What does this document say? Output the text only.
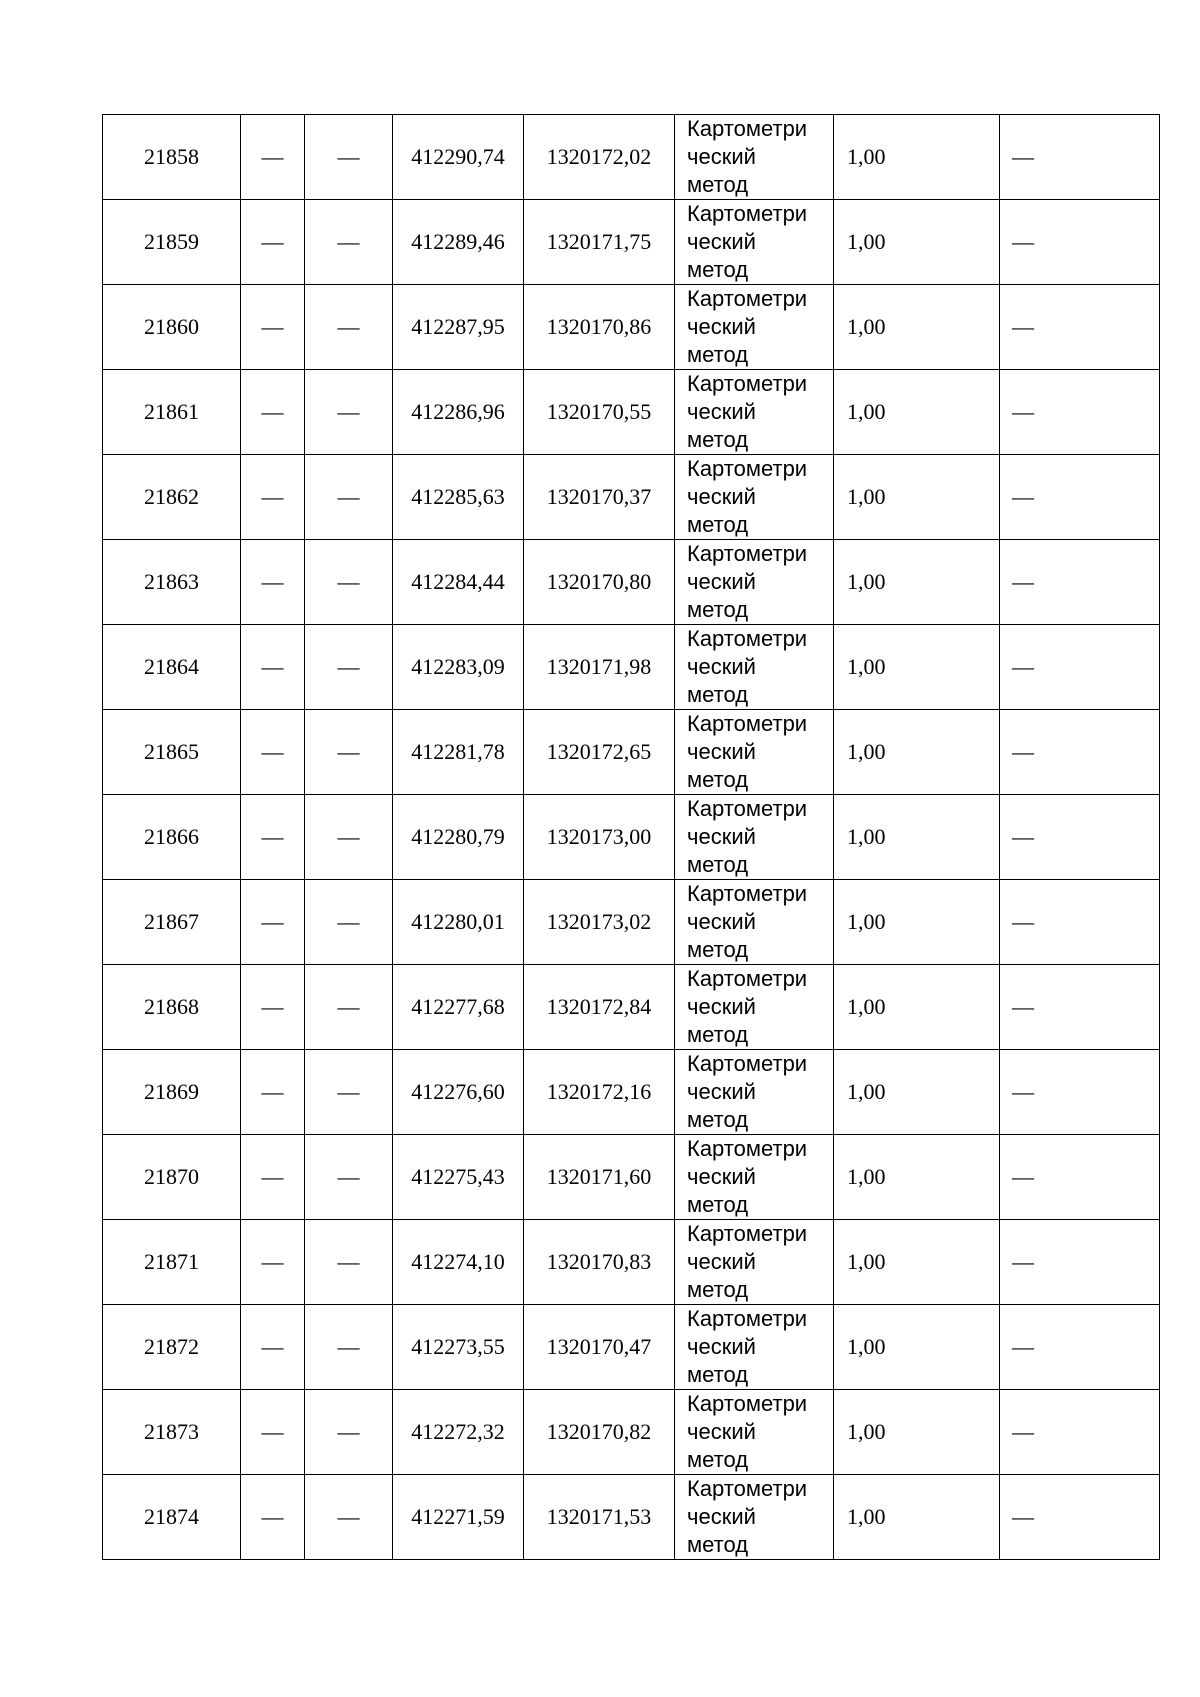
21858	—	—	412290,74	1320172,02	Картометри
ческий
метод	1,00	—
21859	—	—	412289,46	1320171,75	Картометри
ческий
метод	1,00	—
21860	—	—	412287,95	1320170,86	Картометри
ческий
метод	1,00	—
21861	—	—	412286,96	1320170,55	Картометри
ческий
метод	1,00	—
21862	—	—	412285,63	1320170,37	Картометри
ческий
метод	1,00	—
21863	—	—	412284,44	1320170,80	Картометри
ческий
метод	1,00	—
21864	—	—	412283,09	1320171,98	Картометри
ческий
метод	1,00	—
21865	—	—	412281,78	1320172,65	Картометри
ческий
метод	1,00	—
21866	—	—	412280,79	1320173,00	Картометри
ческий
метод	1,00	—
21867	—	—	412280,01	1320173,02	Картометри
ческий
метод	1,00	—
21868	—	—	412277,68	1320172,84	Картометри
ческий
метод	1,00	—
21869	—	—	412276,60	1320172,16	Картометри
ческий
метод	1,00	—
21870	—	—	412275,43	1320171,60	Картометри
ческий
метод	1,00	—
21871	—	—	412274,10	1320170,83	Картометри
ческий
метод	1,00	—
21872	—	—	412273,55	1320170,47	Картометри
ческий
метод	1,00	—
21873	—	—	412272,32	1320170,82	Картометри
ческий
метод	1,00	—
21874	—	—	412271,59	1320171,53	Картометри
ческий
метод	1,00	—
